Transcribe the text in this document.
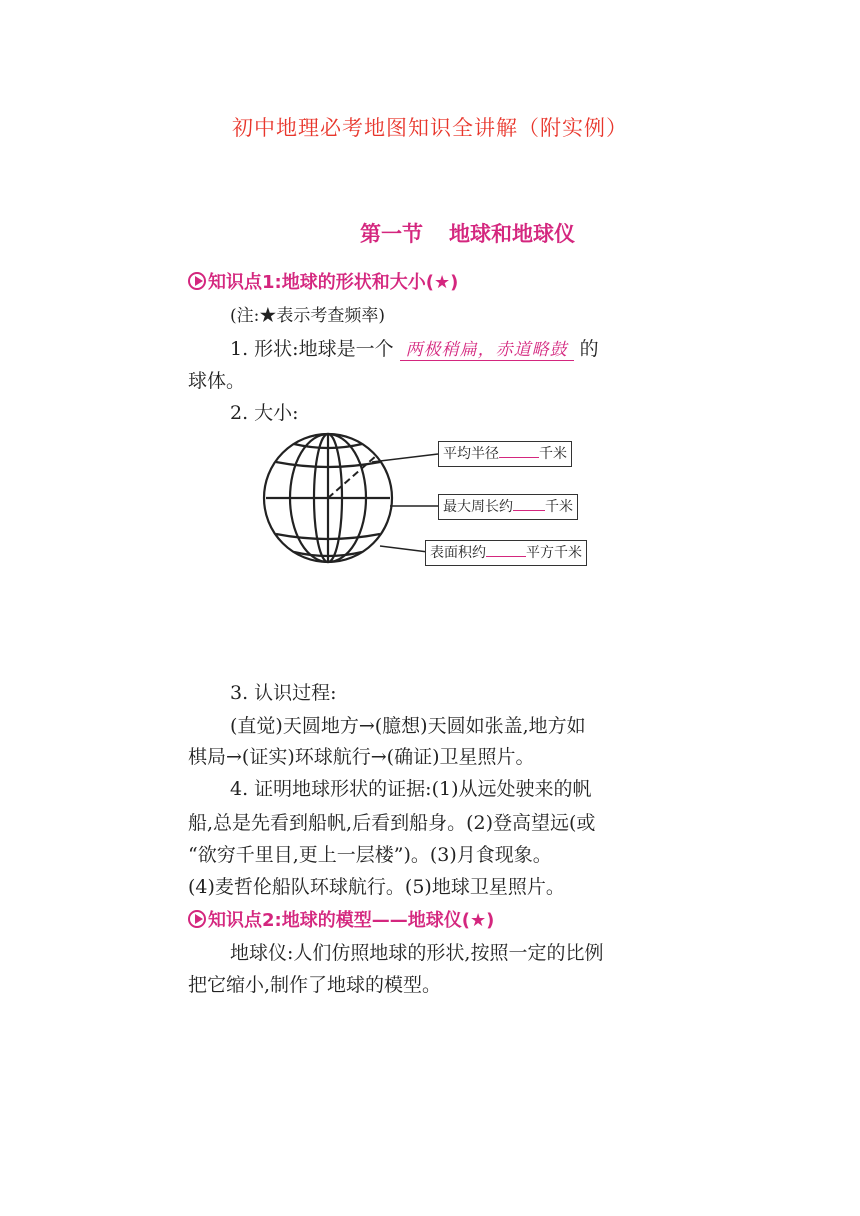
初中地理必考地图知识全讲解（附实例）
第一节 地球和地球仪
知识点1:地球的形状和大小(★)
(注:★表示考查频率)
1. 形状:地球是一个 两极稍扁，赤道略鼓 的
球体。
2. 大小:
平均半径	千米
最大周长约 千米
表面积约	平方千米
3. 认识过程:
(直觉)天圆地方→(臆想)天圆如张盖,地方如
棋局→(证实)环球航行→(确证)卫星照片。
4. 证明地球形状的证据:(1)从远处驶来的帆
船,总是先看到船帆,后看到船身。(2)登高望远(或
“欲穷千里目,更上一层楼”)。(3)月食现象。
(4)麦哲伦船队环球航行。(5)地球卫星照片。
知识点2:地球的模型——地球仪(★)
地球仪:人们仿照地球的形状,按照一定的比例
把它缩小,制作了地球的模型。
